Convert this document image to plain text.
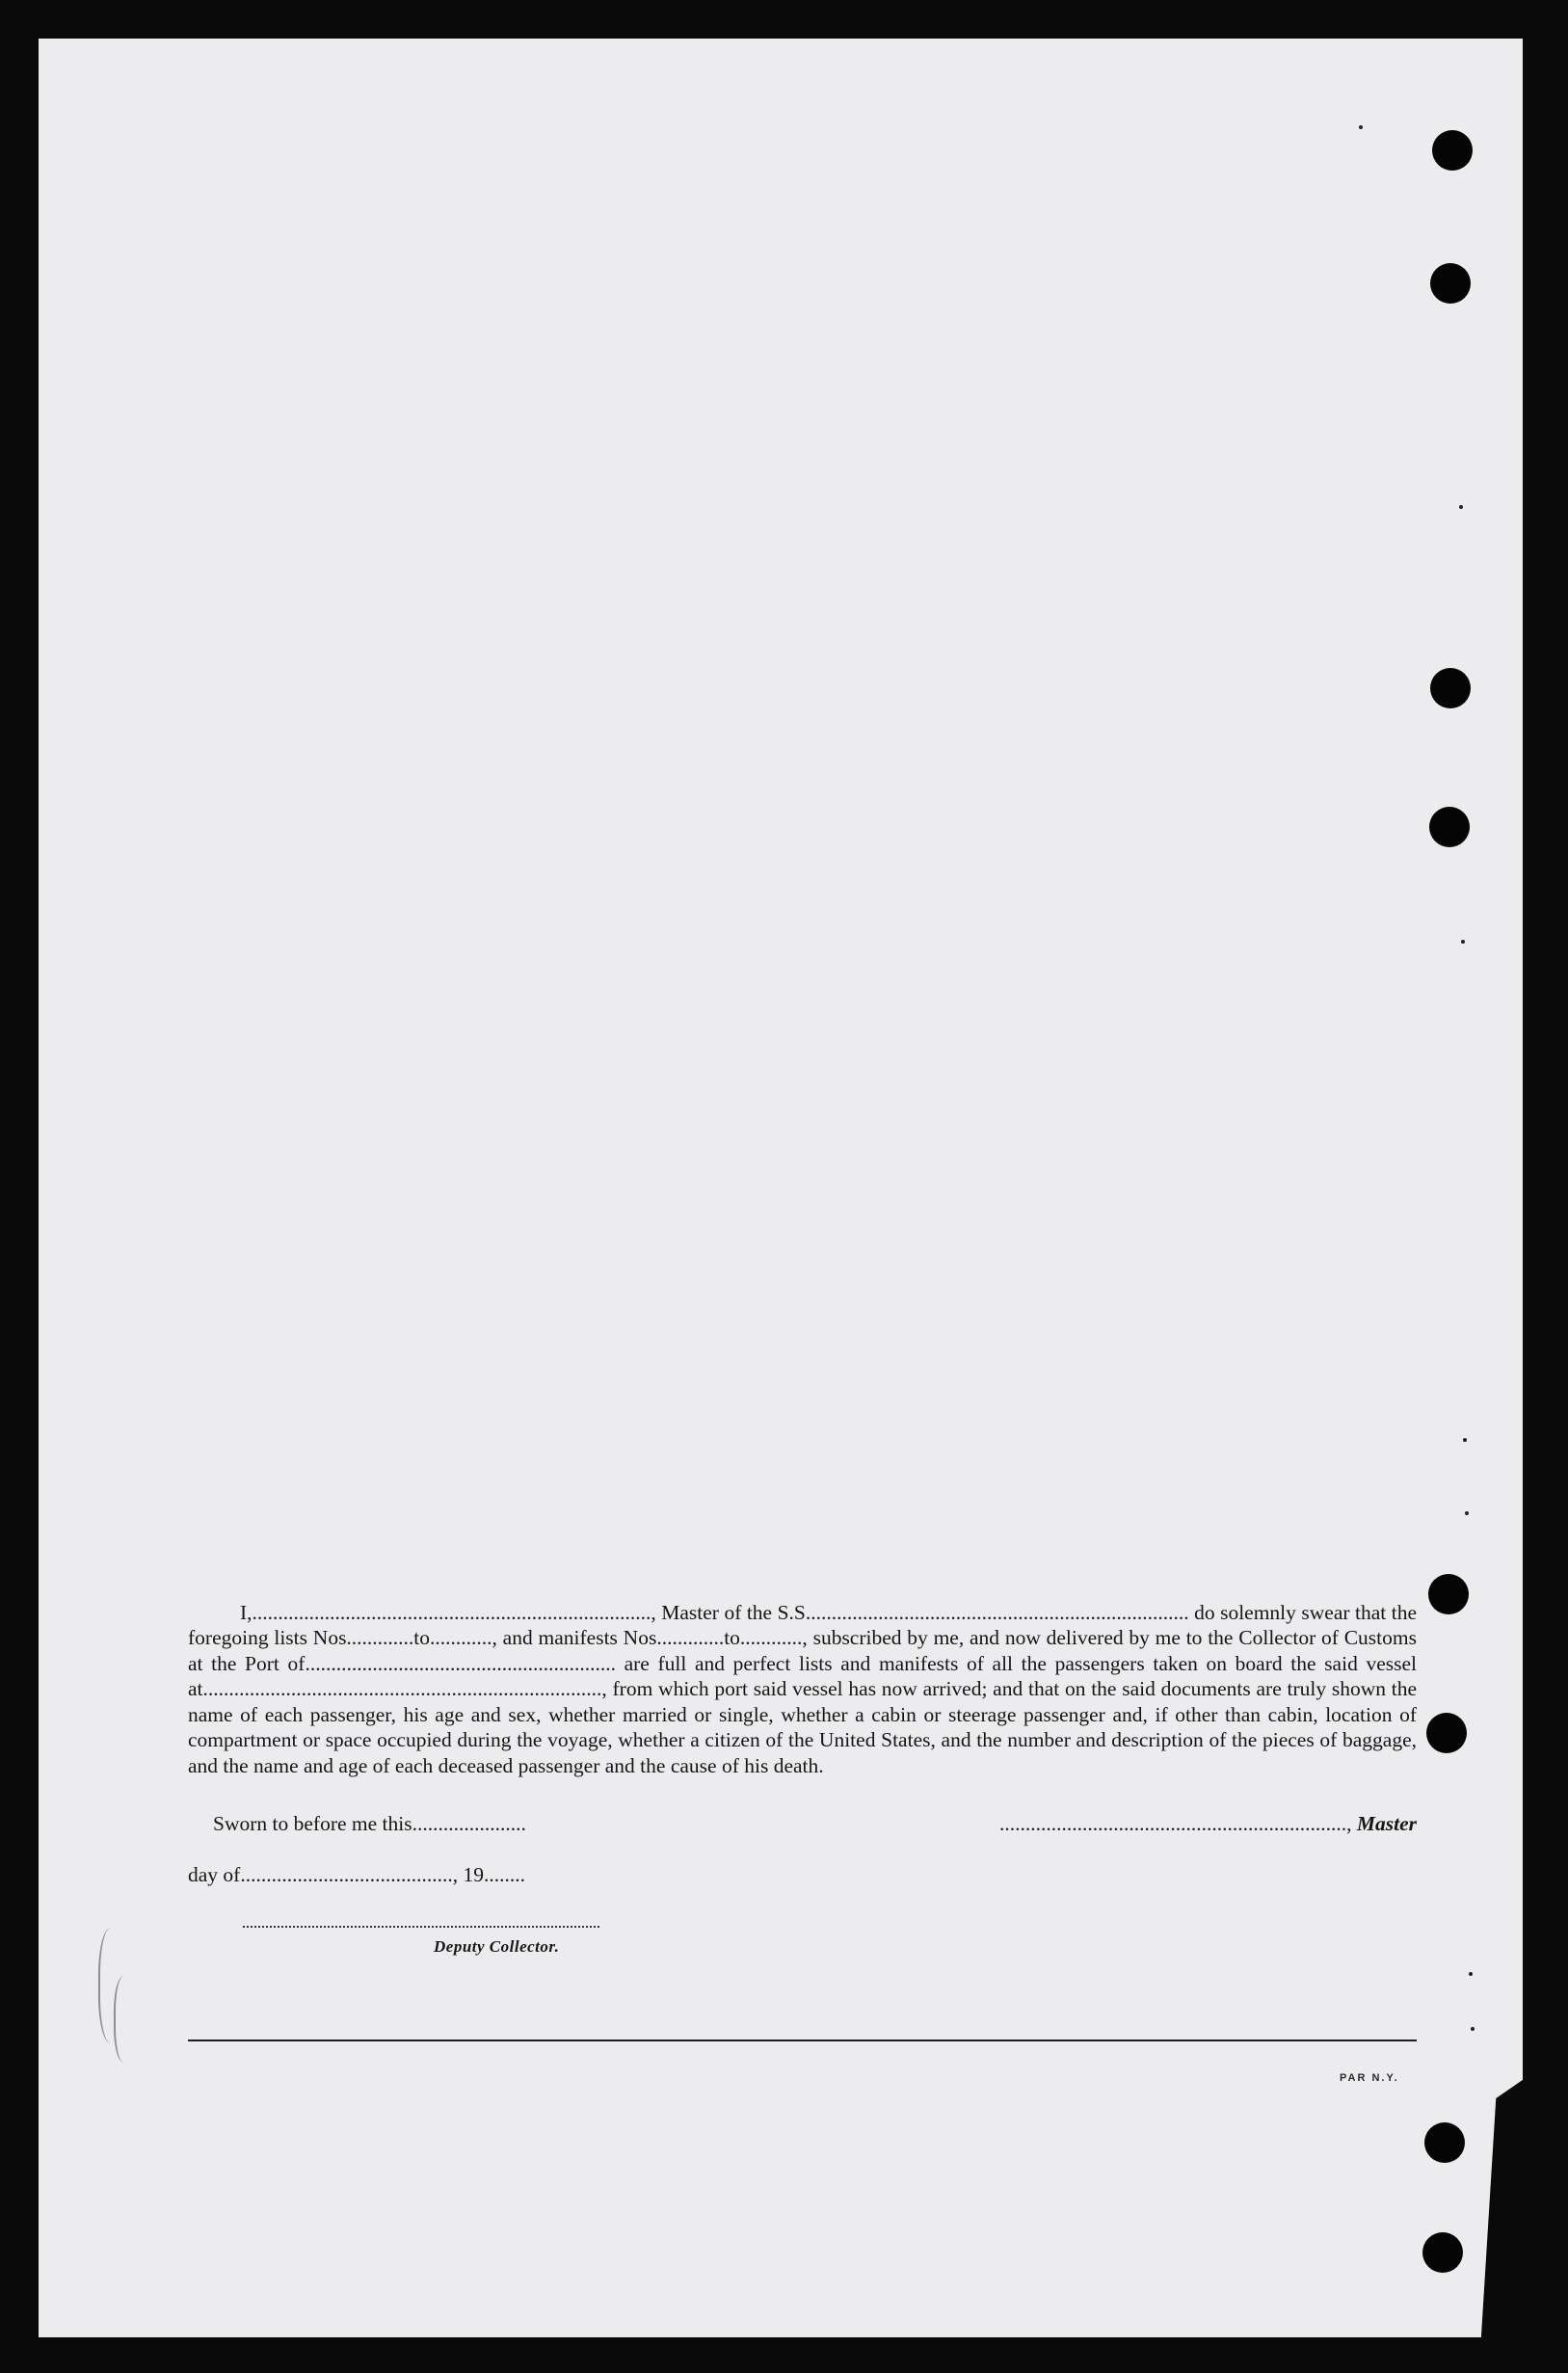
I,............................................................................., Master of the S.S.......................................................................... do solemnly swear that the foregoing lists Nos.............to............, and manifests Nos.............to............, subscribed by me, and now delivered by me to the Collector of Customs at the Port of............................................................ are full and perfect lists and manifests of all the passengers taken on board the said vessel at............................................................................., from which port said vessel has now arrived; and that on the said documents are truly shown the name of each passenger, his age and sex, whether married or single, whether a cabin or steerage passenger and, if other than cabin, location of compartment or space occupied during the voyage, whether a citizen of the United States, and the number and description of the pieces of baggage, and the name and age of each deceased passenger and the cause of his death.

Sworn to before me this......................	..................................................................., Master
day of........................................., 19........
Deputy Collector.
PAR N.Y.
